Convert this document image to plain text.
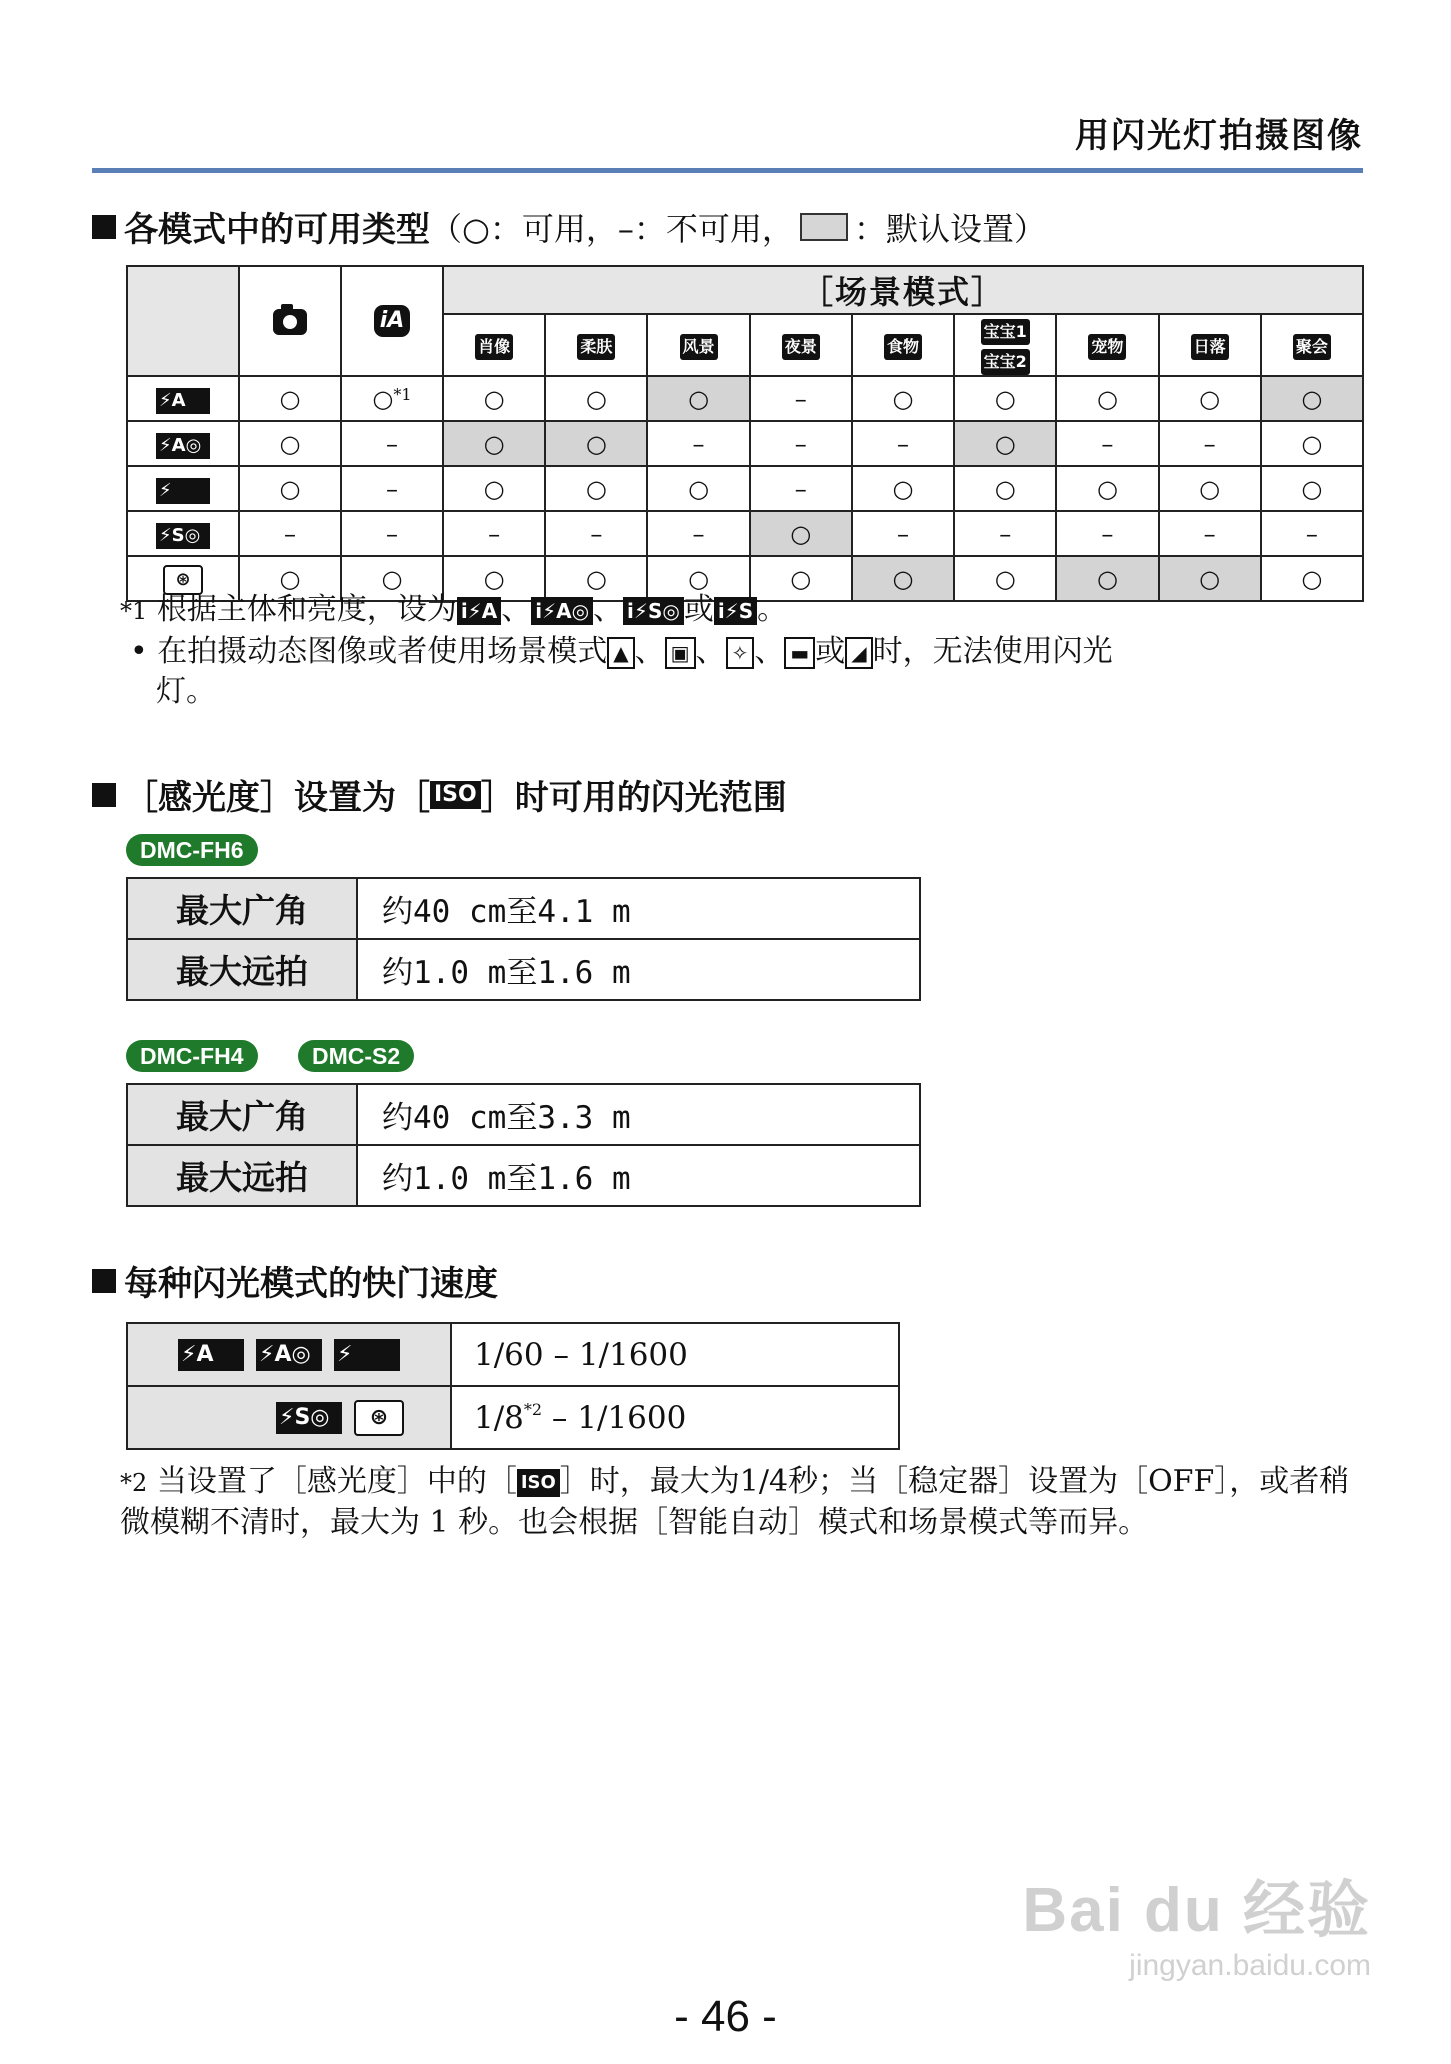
用闪光灯拍摄图像
各模式中的可用类型 （○：可用，–：不可用， ：默认设置）
		iA	［场景模式］								
			肖像	柔肤	风景	夜景	食物	宝宝1宝宝2	宠物	日落	聚会
⚡A	○	○$^{*1}$	○	○	○	–	○	○	○	○	○
⚡A◎	○	–	○	○	–	–	–	○	–	–	○
⚡	○	–	○	○	○	–	○	○	○	○	○
⚡S◎	–	–	–	–	–	○	–	–	–	–	–
⊛	○	○	○	○	○	○	○	○	○	○	○
*1 根据主体和亮度，设为 i⚡A 、 i⚡A◎ 、 i⚡S◎ 或 i⚡S 。
• 在拍摄动态图像或者使用场景模式 ▲ 、 ▣ 、 ✧ 、 ▬ 或 ◢ 时，无法使用闪光
灯。
［感光度］设置为［ ISO ］时可用的闪光范围
DMC-FH6
最大广角	约40 cm至4.1 m
最大远拍	约1.0 m至1.6 m
DMC-FH4	DMC-S2
最大广角	约40 cm至3.3 m
最大远拍	约1.0 m至1.6 m
每种闪光模式的快门速度
⚡A ⚡A◎ ⚡	1/60 – 1/1600
⚡S◎ ⊛	1/8$^{*2}$ – 1/1600
*2 当设置了［感光度］中的［ ISO ］时，最大为1/4秒；当［稳定器］设置为［OFF］，或者稍微模糊不清时，最大为 1 秒。也会根据［智能自动］模式和场景模式等而异。
Bai du 经验
jingyan.baidu.com
- 46 -
